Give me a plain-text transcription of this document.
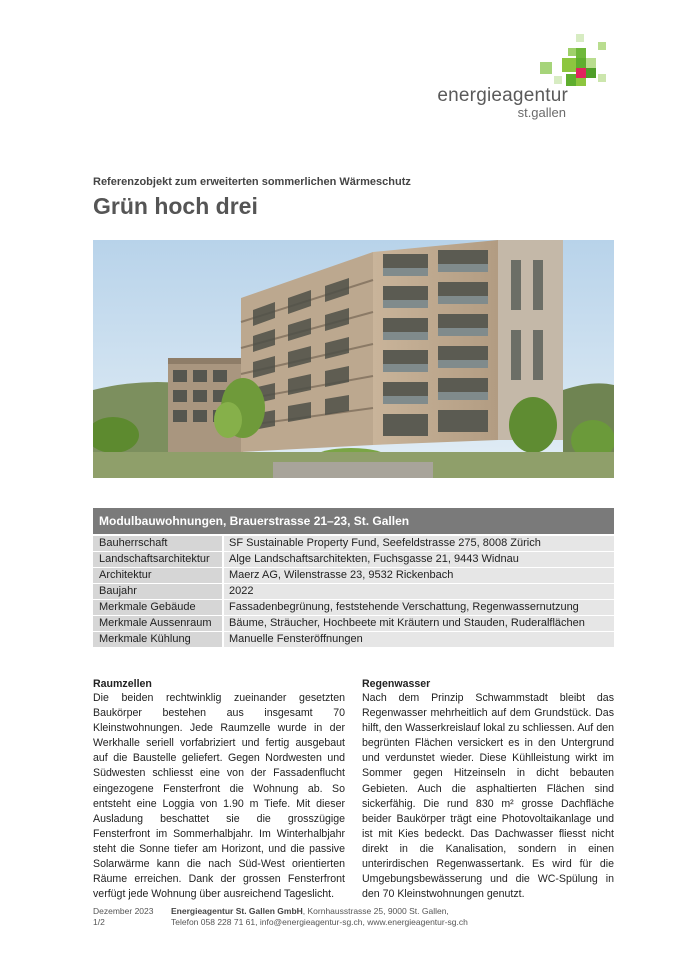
energieagentur
st.gallen
Referenzobjekt zum erweiterten sommerlichen Wärmeschutz
Grün hoch drei
Modulbauwohnungen, Brauerstrasse 21–23, St. Gallen
Bauherrschaft	SF Sustainable Property Fund, Seefeldstrasse 275, 8008 Zürich
Landschaftsarchitektur	Alge Landschaftsarchitekten, Fuchsgasse 21, 9443 Widnau
Architektur	Maerz AG, Wilenstrasse 23, 9532 Rickenbach
Baujahr	2022
Merkmale Gebäude	Fassadenbegrünung, feststehende Verschattung, Regenwassernutzung
Merkmale Aussenraum	Bäume, Sträucher, Hochbeete mit Kräutern und Stauden, Ruderalflächen
Merkmale Kühlung	Manuelle Fensteröffnungen
Raumzellen

Die beiden rechtwinklig zueinander gesetzten Baukörper bestehen aus insgesamt 70 Kleinstwohnungen. Jede Raumzelle wurde in der Werkhalle seriell vorfabriziert und fertig ausgebaut auf die Baustelle geliefert. Gegen Nordwesten und Südwesten schliesst eine von der Fassadenflucht eingezogene Fensterfront die Wohnung ab. So entsteht eine Loggia von 1.90 m Tiefe. Mit dieser Ausladung beschattet sie die grosszügige Fensterfront im Sommerhalbjahr. Im Winterhalbjahr steht die Sonne tiefer am Horizont, und die passive Solarwärme kann die nach Süd-West orientierten Räume erreichen. Dank der grossen Fensterfront verfügt jede Wohnung über ausreichend Tageslicht.

Regenwasser

Nach dem Prinzip Schwammstadt bleibt das Regenwasser mehrheitlich auf dem Grundstück. Das hilft, den Wasserkreislauf lokal zu schliessen. Auf den begrünten Flächen versickert es in den Untergrund und verdunstet wieder. Diese Kühlleistung wirkt im Sommer gegen Hitzeinseln in dicht bebauten Gebieten. Auch die asphaltierten Flächen sind sickerfähig. Die rund 830 m² grosse Dachfläche beider Baukörper trägt eine Photovoltaikanlage und ist mit Kies bedeckt. Das Dachwasser fliesst nicht direkt in die Kanalisation, sondern in einen unterirdischen Regenwassertank. Es wird für die Umgebungsbewässerung und die WC-Spülung in den 70 Kleinstwohnungen genutzt.

Dezember 2023
1/2
Energieagentur St. Gallen GmbH, Kornhausstrasse 25, 9000 St. Gallen,
Telefon 058 228 71 61, info@energieagentur-sg.ch, www.energieagentur-sg.ch
